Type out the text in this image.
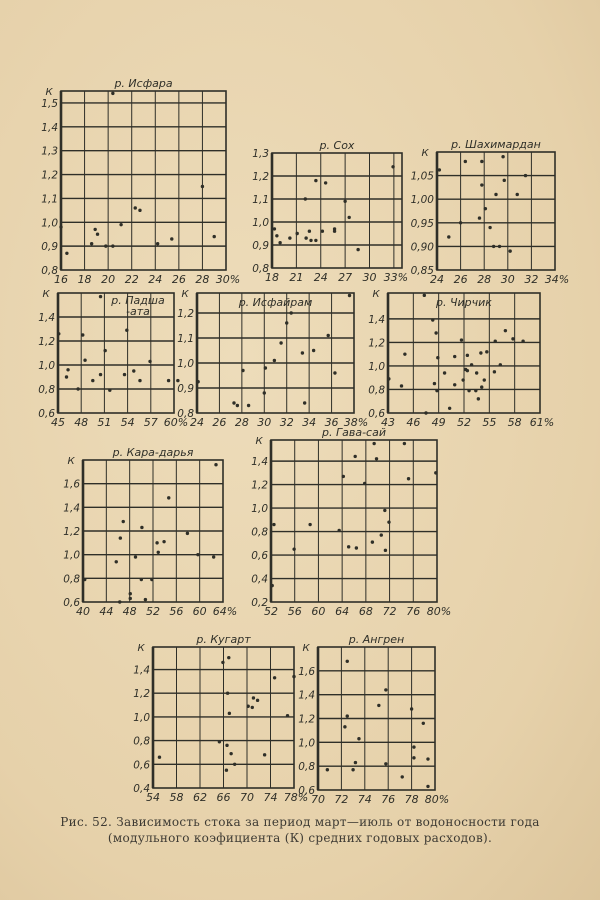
16 18 20 22 24 26 28 30%
0,8
0,9
1,0
1,1
1,2
1,3
1,4
1,5
К
р. Исфара
18 21 24 27 30 33%
0,8
0,9
1,0
1,1
1,2
1,3
р. Сох
24 26 28 30 32 34%
0,85
0,90
0,95
1,00
1,05
К
р. Шахимардан
45 48 51 54 57 60%
0,6
0,8
1,0
1,2
1,4
К	р. Падша -ата
24 26 28 30 32 34 36 38%
0,8
0,9
1,0
1,1
1,2
К
р. Исфайрам
43 46 49 52 55 58 61%
0,6
0,8
1,0
1,2
1,4
К
р. Чирчик
40 44 48 52 56 60 64%
0,6
0,8
1,0
1,2
1,4
1,6
К
р. Кара-дарья
52 56 60 64 68 72 76 80%
0,2
0,4
0,6
0,8
1,0
1,2
1,4
К
р. Гава-сай
54 58 62 66 70 74 78%
0,4
0,6
0,8
1,0
1,2
1,4
К
р. Кугарт
70 72 74 76 78 80%
0,6
0,8
1,0
1,2
1,4
1,6
К
р. Ангрен
Рис. 52. Зависимость стока за период март—июль от водоносности года
(модульного коэфициента (К) средних годовых расходов).
